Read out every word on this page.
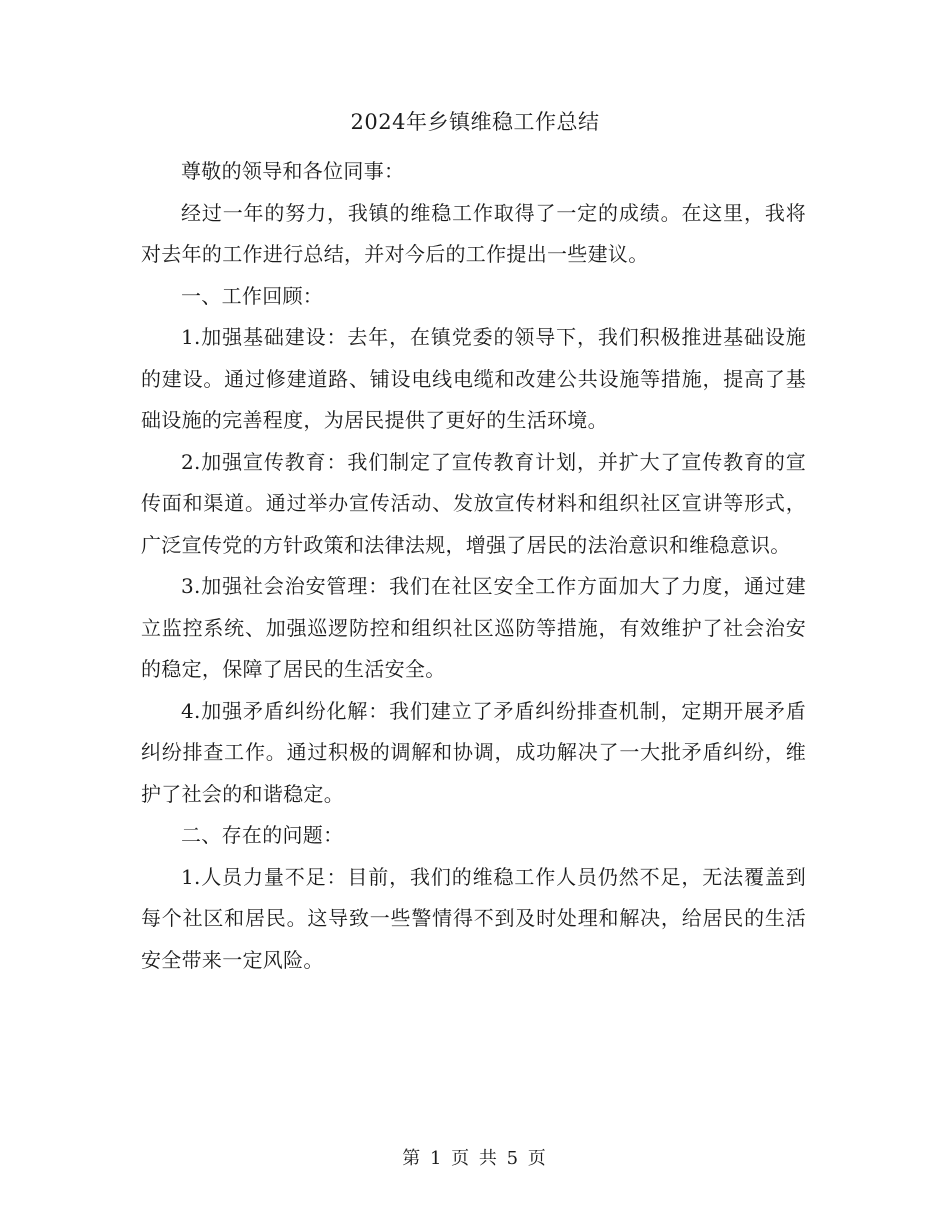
2024年乡镇维稳工作总结

尊敬的领导和各位同事：

经过一年的努力，我镇的维稳工作取得了一定的成绩。在这里，我将对去年的工作进行总结，并对今后的工作提出一些建议。

一、工作回顾：

1.加强基础建设：去年，在镇党委的领导下，我们积极推进基础设施的建设。通过修建道路、铺设电线电缆和改建公共设施等措施，提高了基础设施的完善程度，为居民提供了更好的生活环境。

2.加强宣传教育：我们制定了宣传教育计划，并扩大了宣传教育的宣传面和渠道。通过举办宣传活动、发放宣传材料和组织社区宣讲等形式，广泛宣传党的方针政策和法律法规，增强了居民的法治意识和维稳意识。

3.加强社会治安管理：我们在社区安全工作方面加大了力度，通过建立监控系统、加强巡逻防控和组织社区巡防等措施，有效维护了社会治安的稳定，保障了居民的生活安全。

4.加强矛盾纠纷化解：我们建立了矛盾纠纷排查机制，定期开展矛盾纠纷排查工作。通过积极的调解和协调，成功解决了一大批矛盾纠纷，维护了社会的和谐稳定。

二、存在的问题：

1.人员力量不足：目前，我们的维稳工作人员仍然不足，无法覆盖到每个社区和居民。这导致一些警情得不到及时处理和解决，给居民的生活安全带来一定风险。

第 1 页 共 5 页
